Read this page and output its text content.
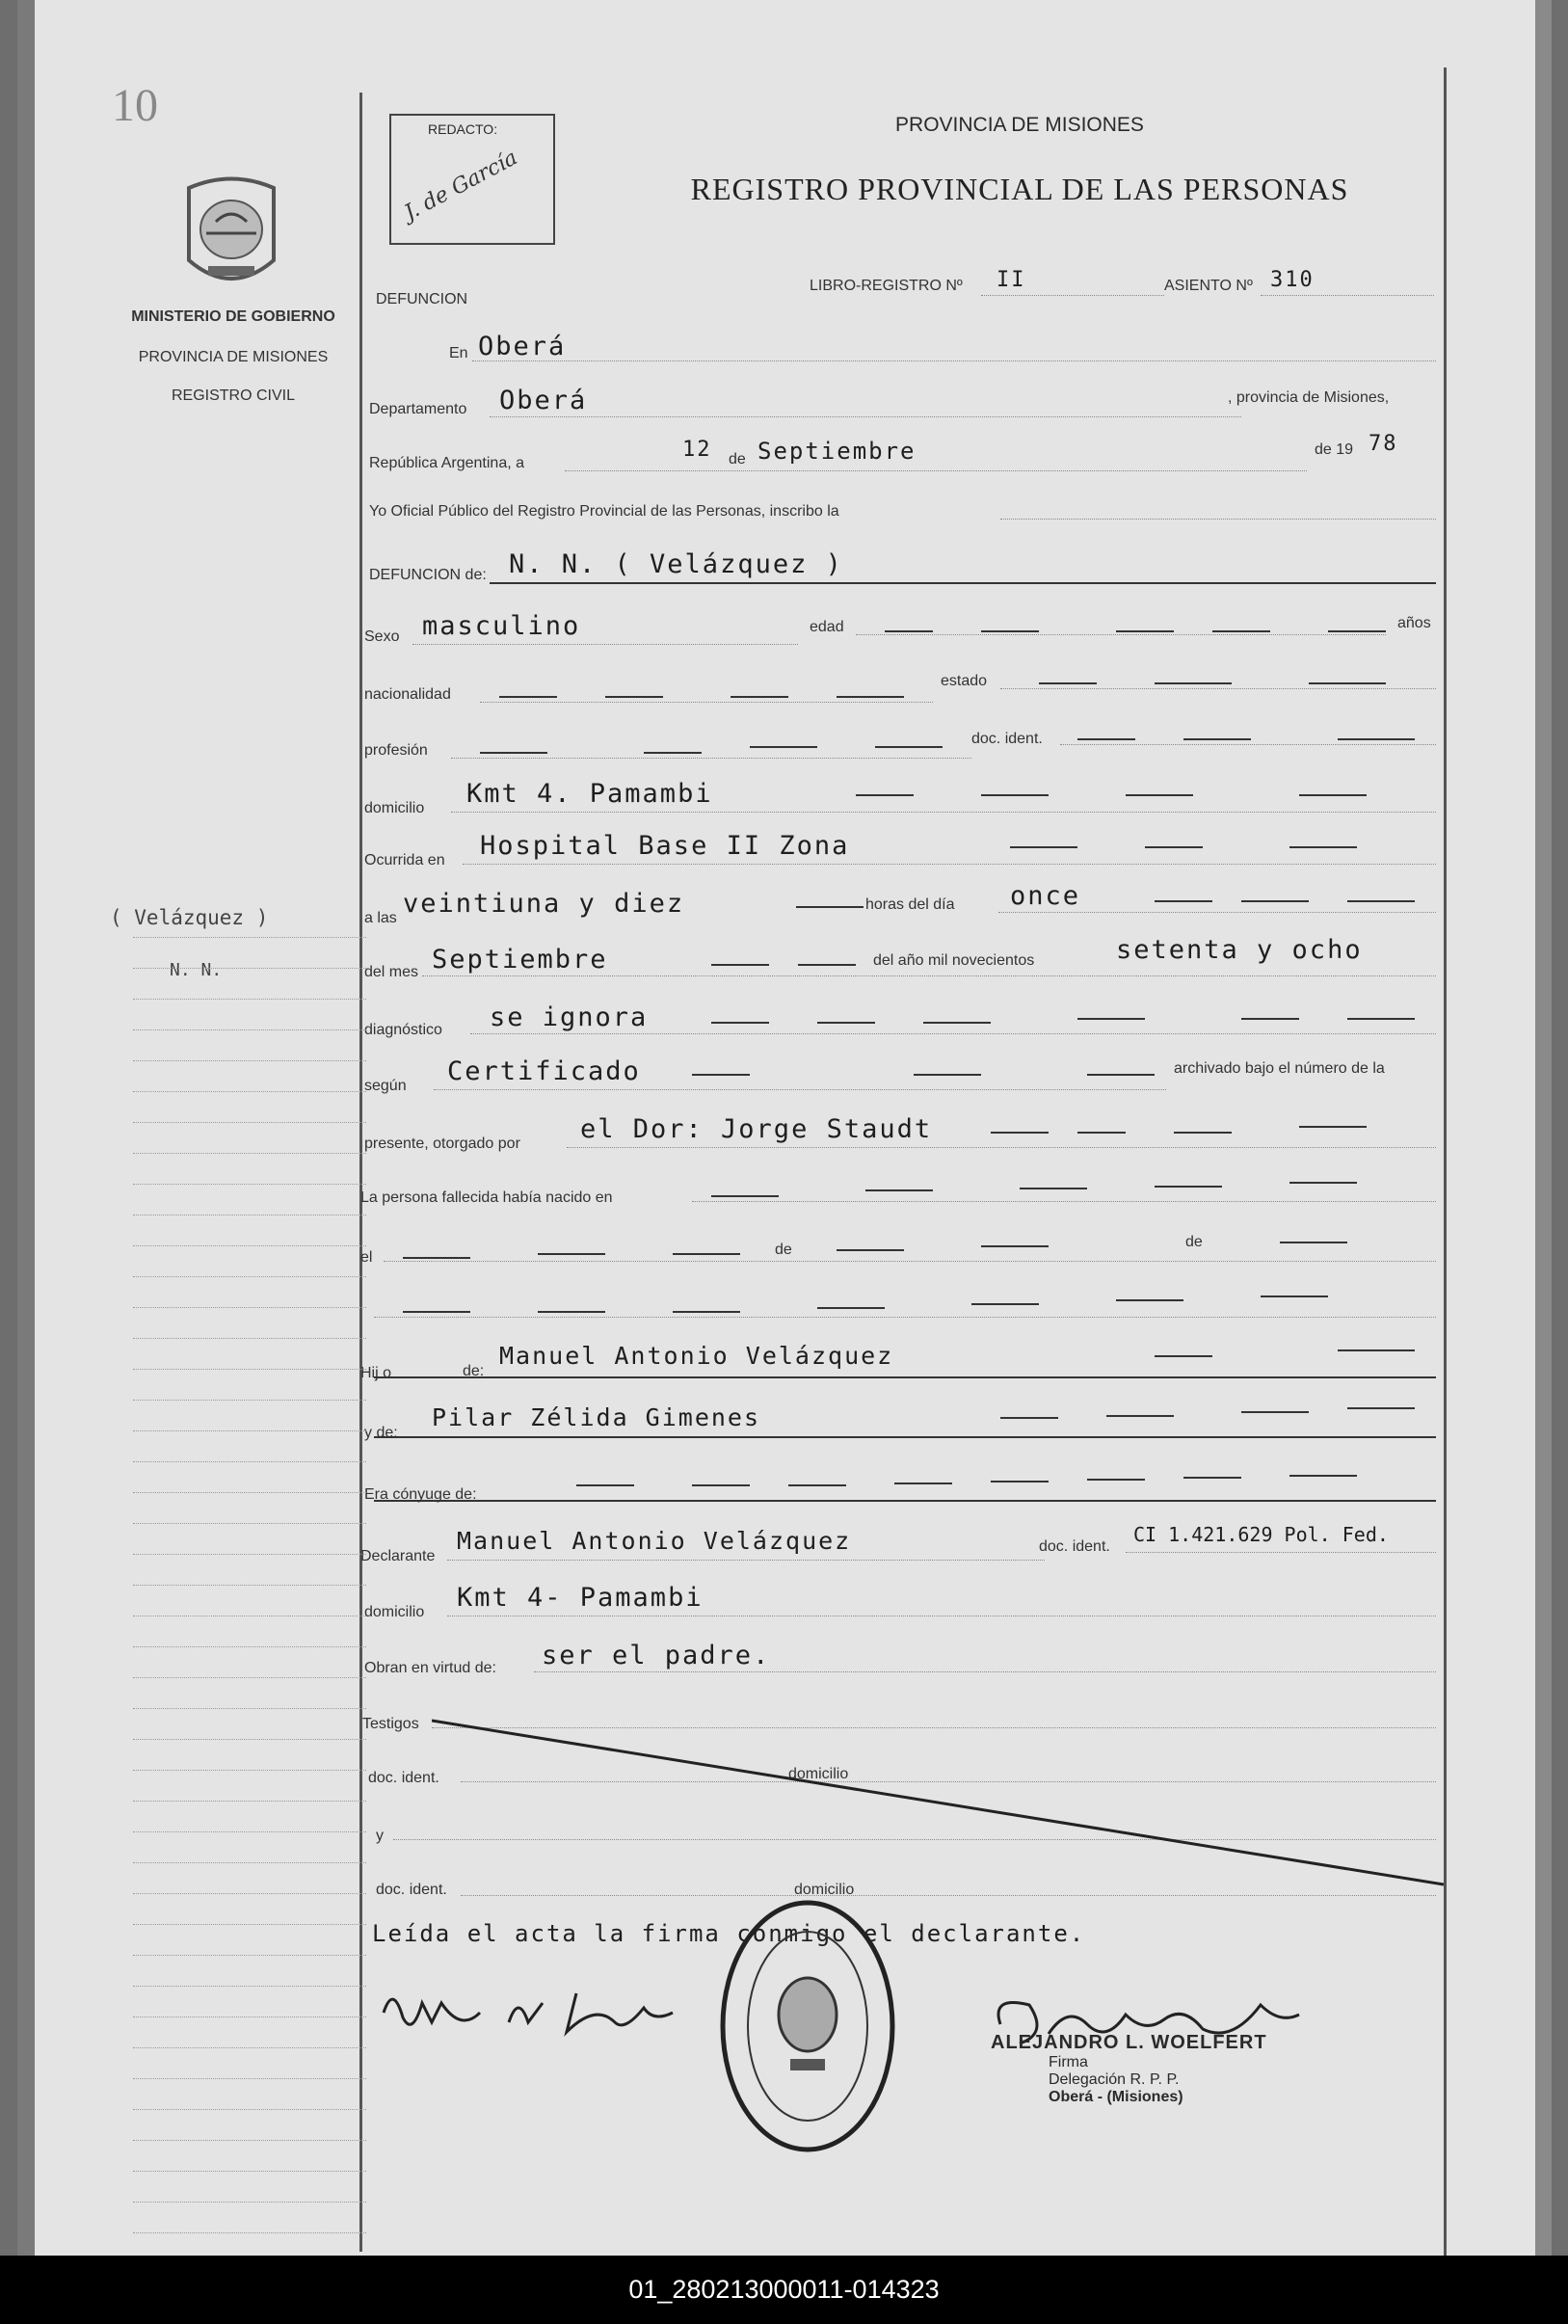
10
MINISTERIO DE GOBIERNO
PROVINCIA DE MISIONES
REGISTRO CIVIL
REDACTO:
J. de García
PROVINCIA DE MISIONES
REGISTRO PROVINCIAL DE LAS PERSONAS
LIBRO-REGISTRO Nº II	ASIENTO Nº 310
DEFUNCION
En Oberá
Departamento Oberá	, provincia de Misiones,
República Argentina, a
12 de Septiembre	de 19 78
Yo Oficial Público del Registro Provincial de las Personas, inscribo la
DEFUNCION de: N. N. ( Velázquez )
Sexo masculino	edad	años
nacionalidad
estado
profesión
doc. ident.
domicilio Kmt 4. Pamambi
Ocurrida en Hospital Base II Zona
a las veintiuna y diez	horas del día once
del mes Septiembre	del año mil novecientos	setenta y ocho
diagnóstico se ignora
según Certificado	archivado bajo el número de la
presente, otorgado por el Dor: Jorge Staudt
La persona fallecida había nacido en
el	de	de
Hij o	de:
Manuel Antonio Velázquez
y de:
Pilar Zélida Gimenes
Era cónyuge de:
Declarante
Manuel Antonio Velázquez	doc. ident.
CI 1.421.629 Pol. Fed.
domicilio Kmt 4- Pamambi
Obran en virtud de: ser el padre.
Testigos
doc. ident.	domicilio
y
doc. ident.	domicilio
Leída el acta la firma conmigo el declarante.
ALEJANDRO L. WOELFERT
Firma
Delegación R. P. P.
Oberá - (Misiones)
( Velázquez )
N. N.
01_280213000011-014323
